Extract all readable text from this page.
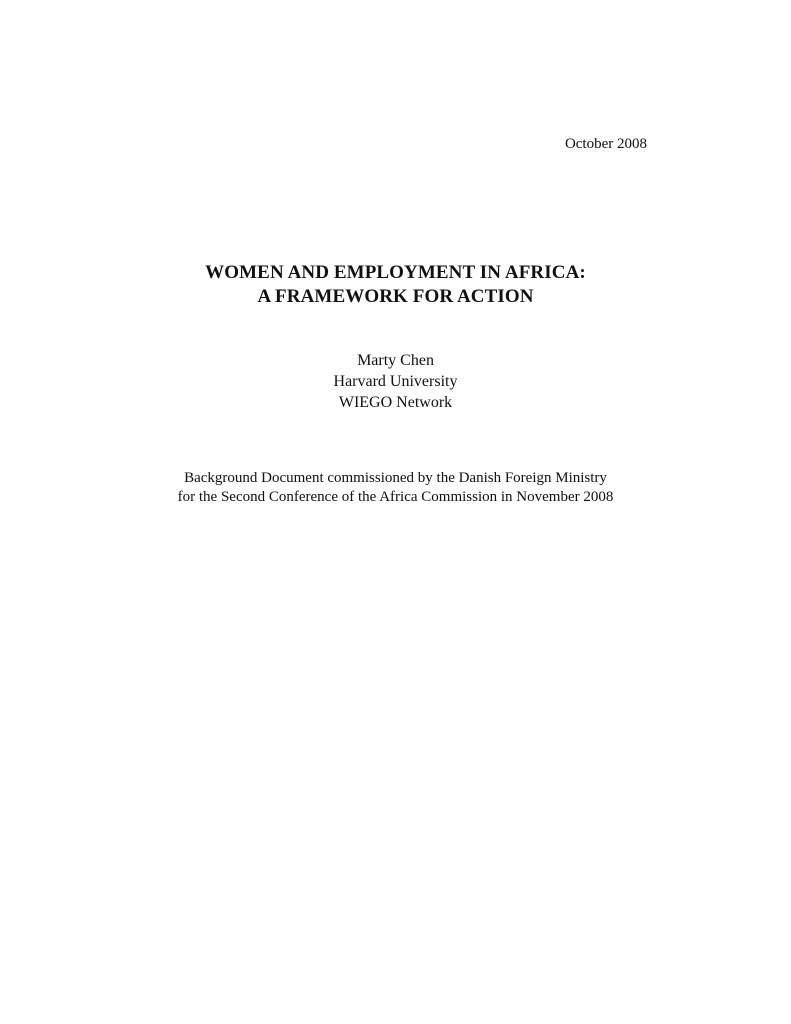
October 2008

WOMEN AND EMPLOYMENT IN AFRICA:

A FRAMEWORK FOR ACTION

Marty Chen

Harvard University

WIEGO Network

Background Document commissioned by the Danish Foreign Ministry

for the Second Conference of the Africa Commission in November 2008
